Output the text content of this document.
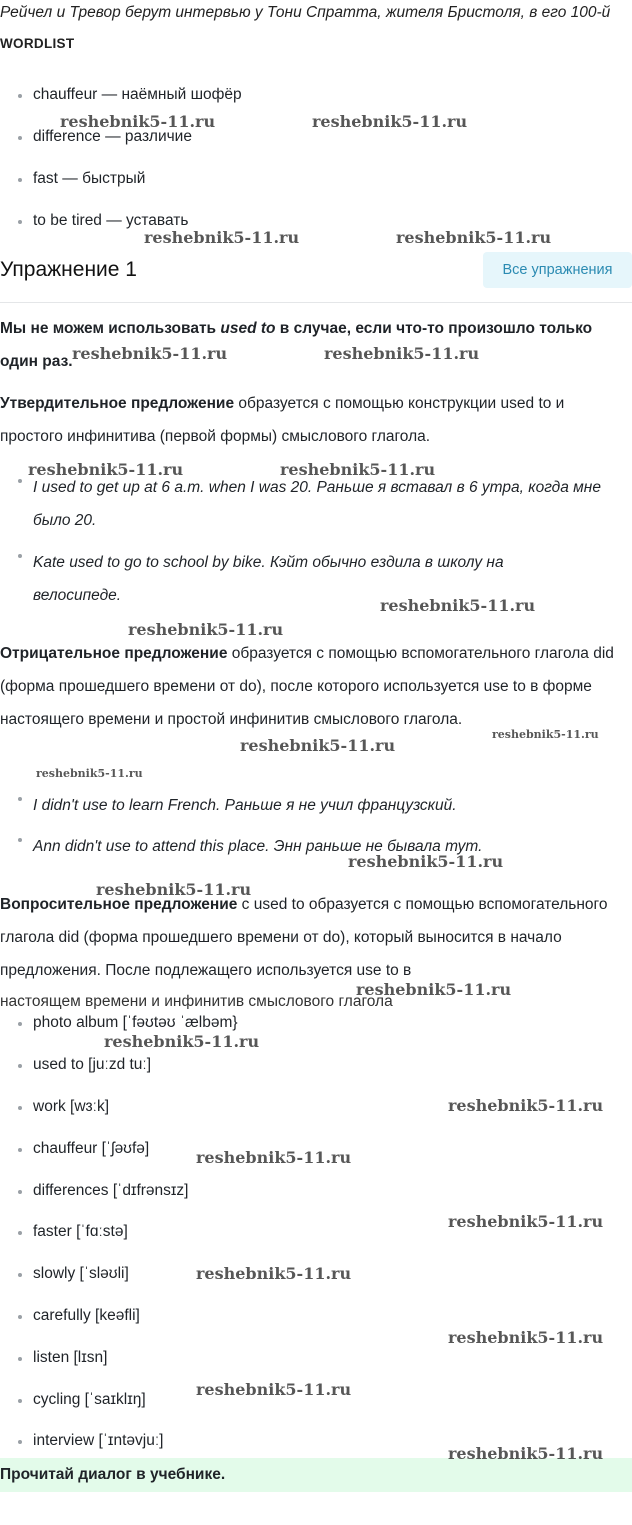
Рейчел и Тревор берут интервью у Тони Спратта, жителя Бристоля, в его 100-й
WORDLIST
chauffeur — наёмный шофёр
difference — различие
fast — быстрый
to be tired — уставать
Упражнение 1	Все упражнения
Мы не можем использовать used to в случае, если что-то произошло только один раз.
Утвердительное предложение образуется с помощью конструкции used to и простого инфинитива (первой формы) смыслового глагола.
I used to get up at 6 a.m. when I was 20. Раньше я вставал в 6 утра, когда мне было 20.
Kate used to go to school by bike. Кэйт обычно ездила в школу на велосипеде.
Отрицательное предложение образуется с помощью вспомогательного глагола did (форма прошедшего времени от do), после которого используется use to в форме настоящего времени и простой инфинитив смыслового глагола.
I didn't use to learn French. Раньше я не учил французский.
Ann didn't use to attend this place. Энн раньше не бывала тут.
Вопросительное предложение с used to образуется с помощью вспомогательного глагола did (форма прошедшего времени от do), который выносится в начало предложения. После подлежащего используется use to в
настоящем времени и инфинитив смыслового глагола
photo album [ˈfəʊtəʊ ˈælbəm}
used to [juːzd tuː]
work [wɜːk]
chauffeur [ˈʃəʊfə]
differences [ˈdɪfrənsɪz]
faster [ˈfɑːstə]
slowly [ˈsləʊli]
carefully [keəfli]
listen [lɪsn]
cycling [ˈsaɪklɪŋ]
interview [ˈɪntəvjuː]
Прочитай диалог в учебнике.
reshebnik5-11.ru	reshebnik5-11.ru
reshebnik5-11.ru	reshebnik5-11.ru
reshebnik5-11.ru	reshebnik5-11.ru
reshebnik5-11.ru	reshebnik5-11.ru
reshebnik5-11.ru
reshebnik5-11.ru
reshebnik5-11.ru
reshebnik5-11.ru
reshebnik5-11.ru
reshebnik5-11.ru
reshebnik5-11.ru
reshebnik5-11.ru
reshebnik5-11.ru
reshebnik5-11.ru
reshebnik5-11.ru
reshebnik5-11.ru
reshebnik5-11.ru
reshebnik5-11.ru
reshebnik5-11.ru
reshebnik5-11.ru
